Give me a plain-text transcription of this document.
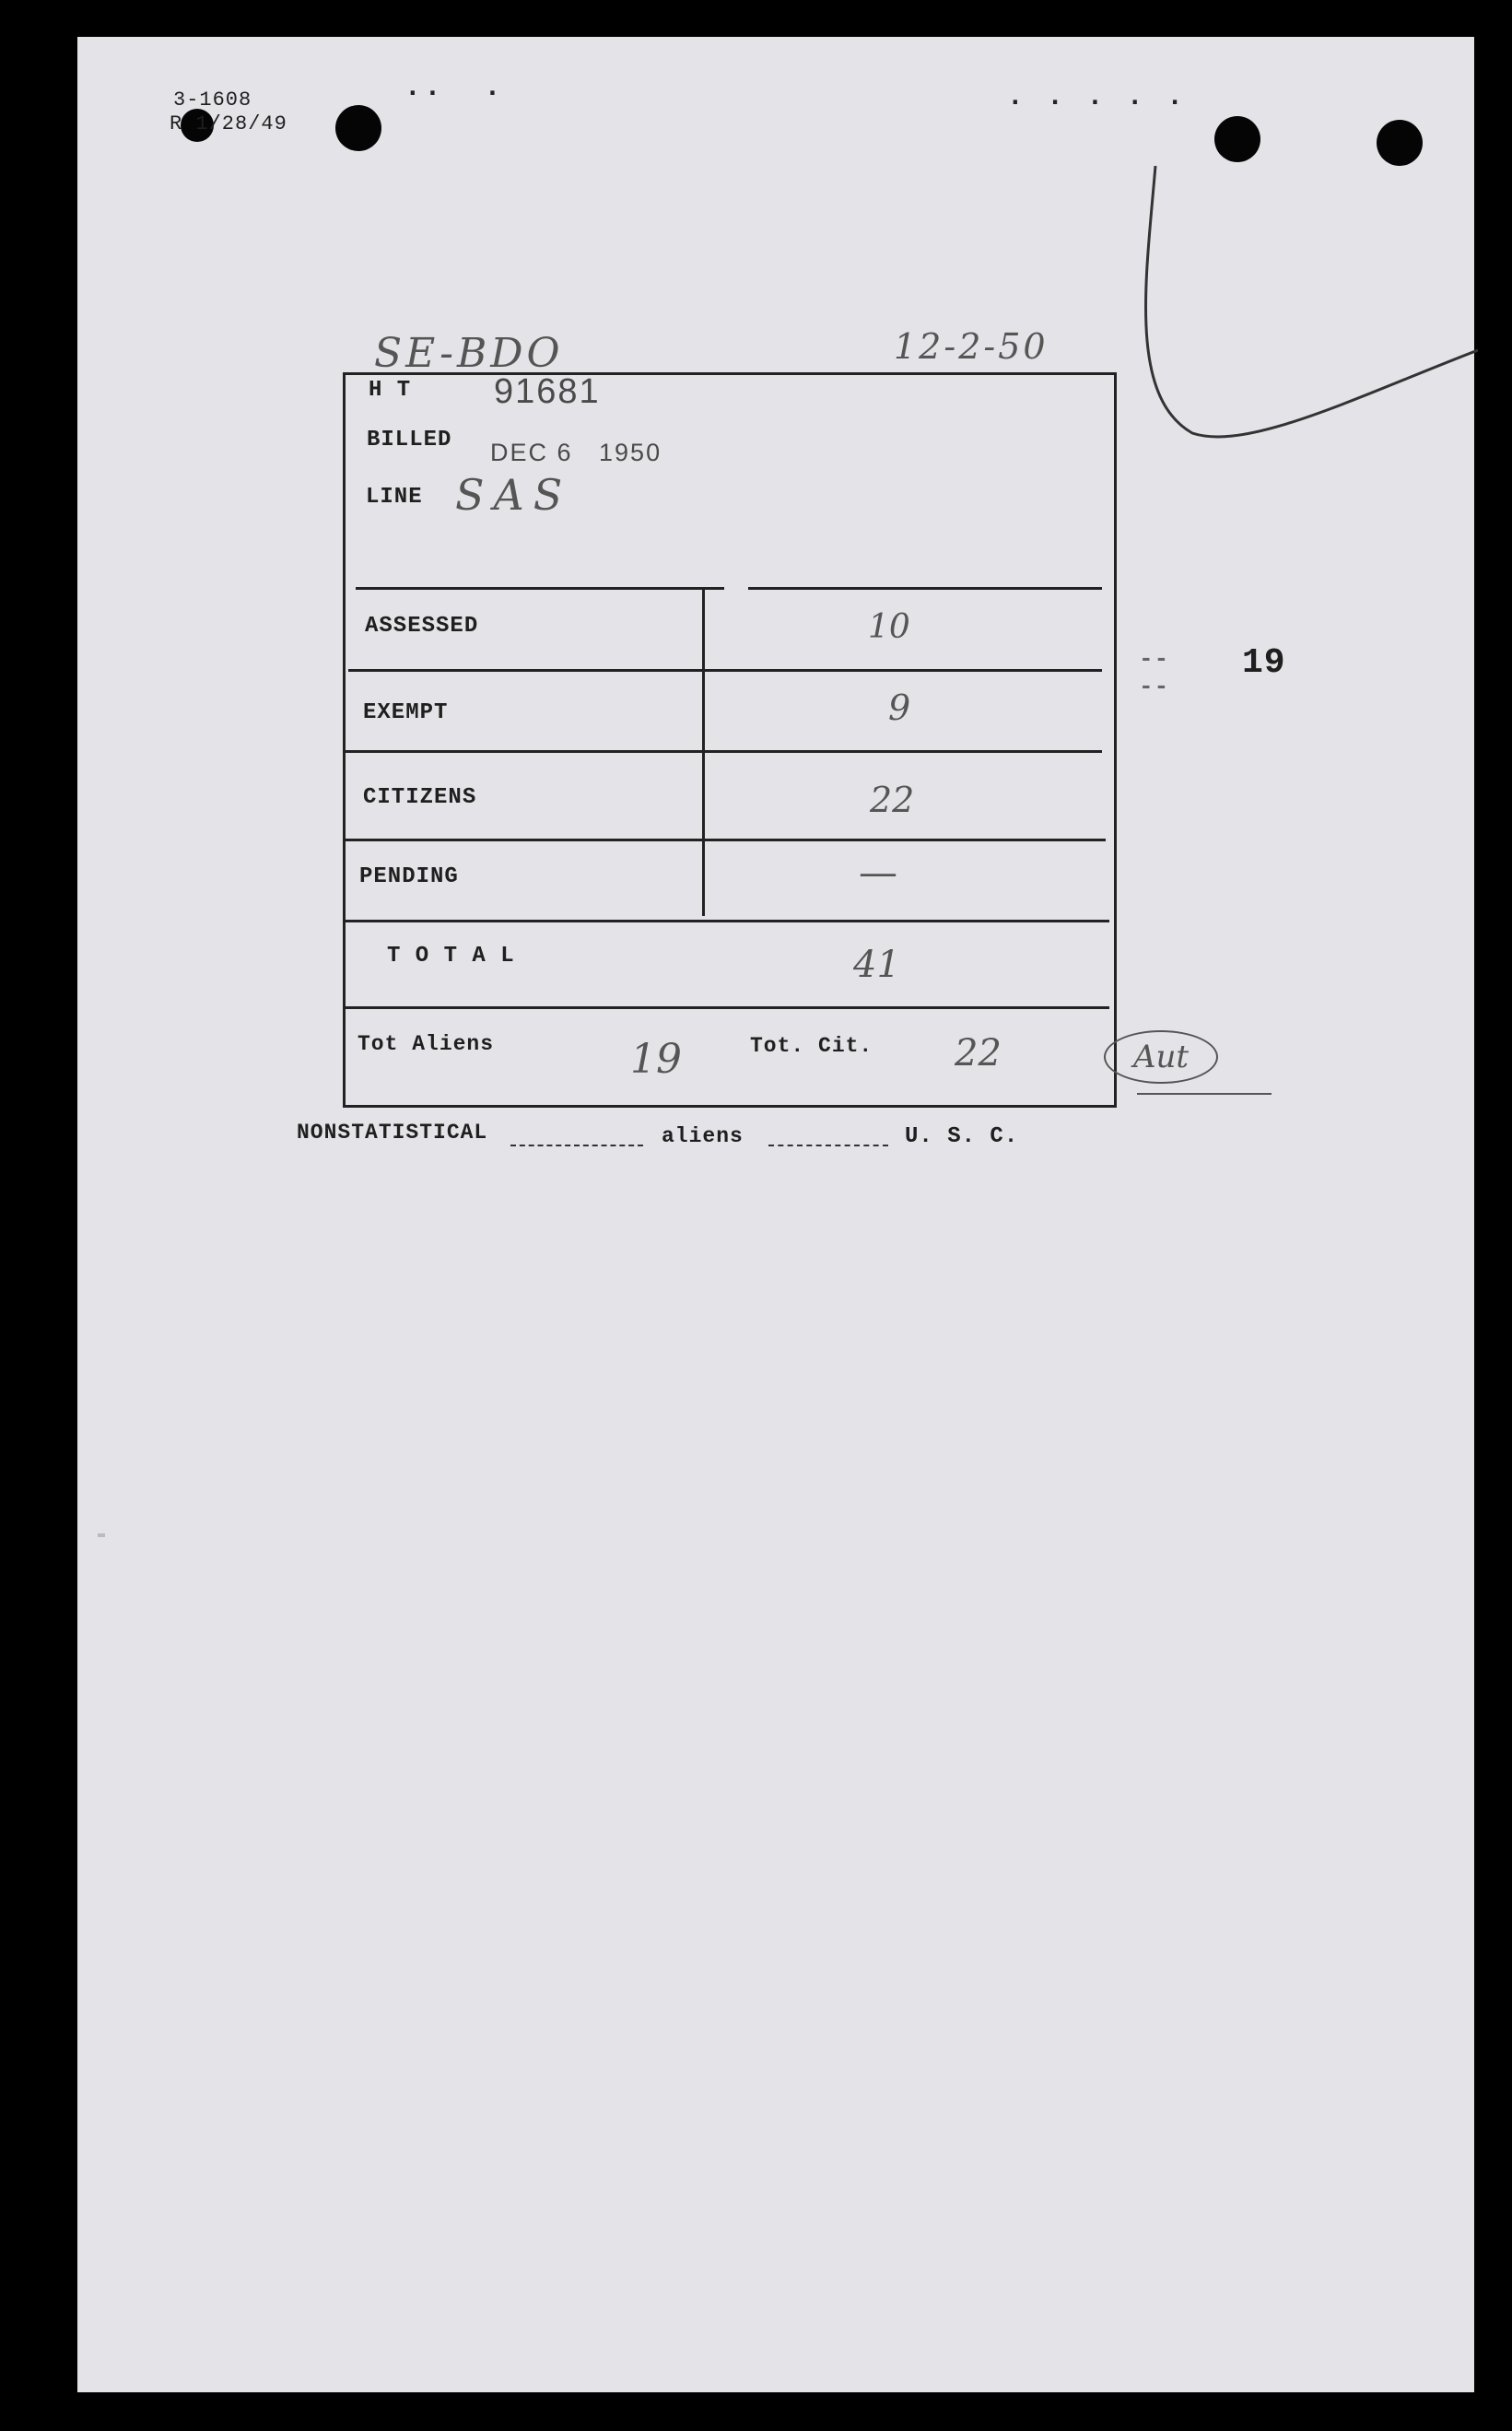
3-1608
R 1/28/49
..  .	. . . . .
SE-BDO	12-2-50
H T 91681
BILLED DEC 6   1950
LINE SAS
ASSESSED	10
EXEMPT	9
CITIZENS	22
PENDING	—
T O T A L	41
Tot Aliens	19	Tot. Cit. 22	Aut
--
--
19
NONSTATISTICAL	aliens	U. S. C.
